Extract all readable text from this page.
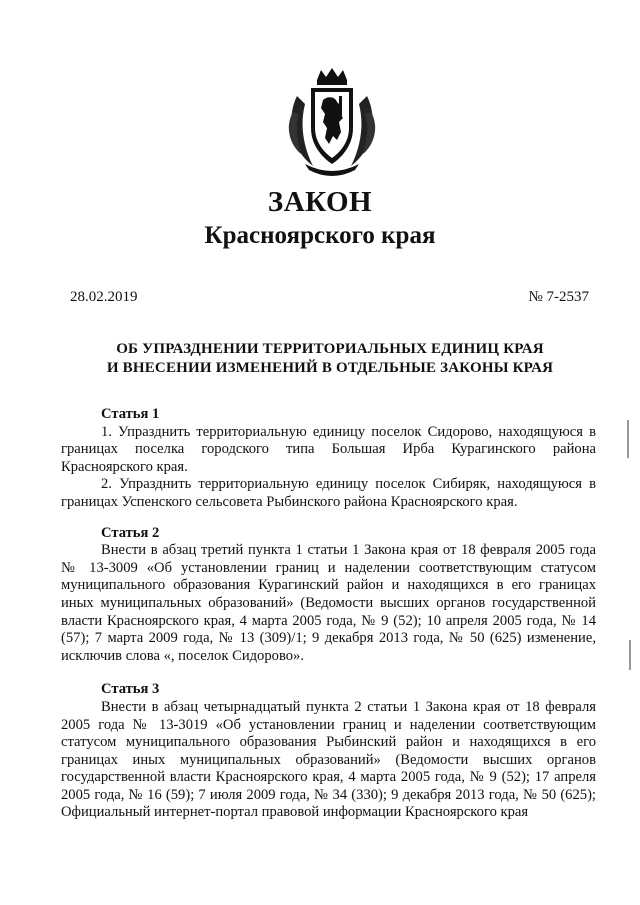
ЗАКОН
Красноярского края
28.02.2019	№ 7-2537
ОБ УПРАЗДНЕНИИ ТЕРРИТОРИАЛЬНЫХ ЕДИНИЦ КРАЯ
И ВНЕСЕНИИ ИЗМЕНЕНИЙ В ОТДЕЛЬНЫЕ ЗАКОНЫ КРАЯ

Статья 1

1. Упразднить территориальную единицу поселок Сидорово, находящуюся в границах поселка городского типа Большая Ирба Курагинского района Красноярского края.

2. Упразднить территориальную единицу поселок Сибиряк, находящуюся в границах Успенского сельсовета Рыбинского района Красноярского края.

Статья 2

Внести в абзац третий пункта 1 статьи 1 Закона края от 18 февраля 2005 года № 13-3009 «Об установлении границ и наделении соответствующим статусом муниципального образования Курагинский район и находящихся в его границах иных муниципальных образований» (Ведомости высших органов государственной власти Красноярского края, 4 марта 2005 года, № 9 (52); 10 апреля 2005 года, № 14 (57); 7 марта 2009 года, № 13 (309)/1; 9 декабря 2013 года, № 50 (625) изменение, исключив слова «, поселок Сидорово».

Статья 3

Внести в абзац четырнадцатый пункта 2 статьи 1 Закона края от 18 февраля 2005 года № 13-3019 «Об установлении границ и наделении соответствующим статусом муниципального образования Рыбинский район и находящихся в его границах иных муниципальных образований» (Ведомости высших органов государственной власти Красноярского края, 4 марта 2005 года, № 9 (52); 17 апреля 2005 года, № 16 (59); 7 июля 2009 года, № 34 (330); 9 декабря 2013 года, № 50 (625); Официальный интернет-портал правовой информации Красноярского края
